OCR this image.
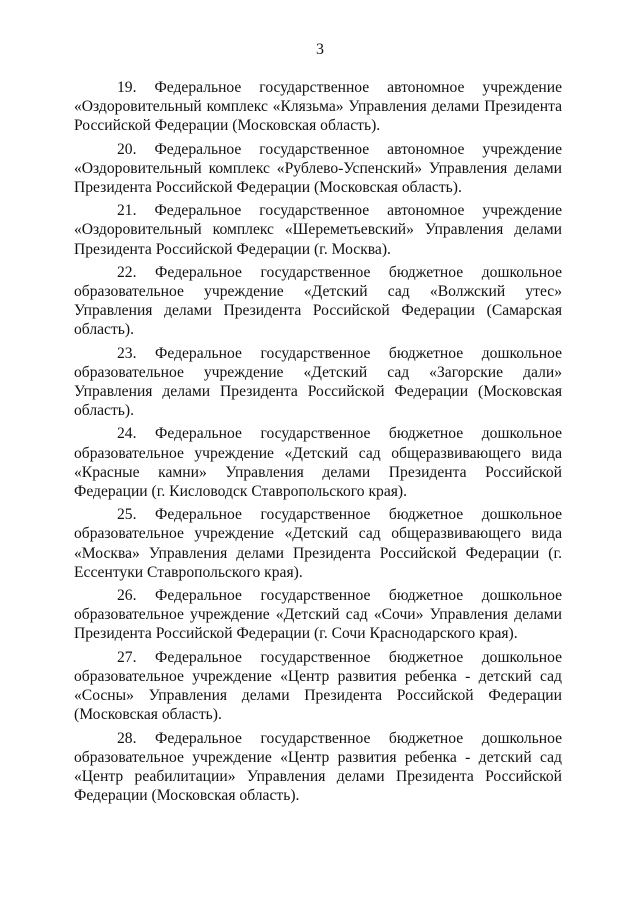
3

19. Федеральное государственное автономное учреждение «Оздоровительный комплекс «Клязьма» Управления делами Президента Российской Федерации (Московская область).

20. Федеральное государственное автономное учреждение «Оздоровительный комплекс «Рублево-Успенский» Управления делами Президента Российской Федерации (Московская область).

21. Федеральное государственное автономное учреждение «Оздоровительный комплекс «Шереметьевский» Управления делами Президента Российской Федерации (г. Москва).

22. Федеральное государственное бюджетное дошкольное образовательное учреждение «Детский сад «Волжский утес» Управления делами Президента Российской Федерации (Самарская область).

23. Федеральное государственное бюджетное дошкольное образовательное учреждение «Детский сад «Загорские дали» Управления делами Президента Российской Федерации (Московская область).

24. Федеральное государственное бюджетное дошкольное образовательное учреждение «Детский сад общеразвивающего вида «Красные камни» Управления делами Президента Российской Федерации (г. Кисловодск Ставропольского края).

25. Федеральное государственное бюджетное дошкольное образовательное учреждение «Детский сад общеразвивающего вида «Москва» Управления делами Президента Российской Федерации (г. Ессентуки Ставропольского края).

26. Федеральное государственное бюджетное дошкольное образовательное учреждение «Детский сад «Сочи» Управления делами Президента Российской Федерации (г. Сочи Краснодарского края).

27. Федеральное государственное бюджетное дошкольное образовательное учреждение «Центр развития ребенка - детский сад «Сосны» Управления делами Президента Российской Федерации (Московская область).

28. Федеральное государственное бюджетное дошкольное образовательное учреждение «Центр развития ребенка - детский сад «Центр реабилитации» Управления делами Президента Российской Федерации (Московская область).
